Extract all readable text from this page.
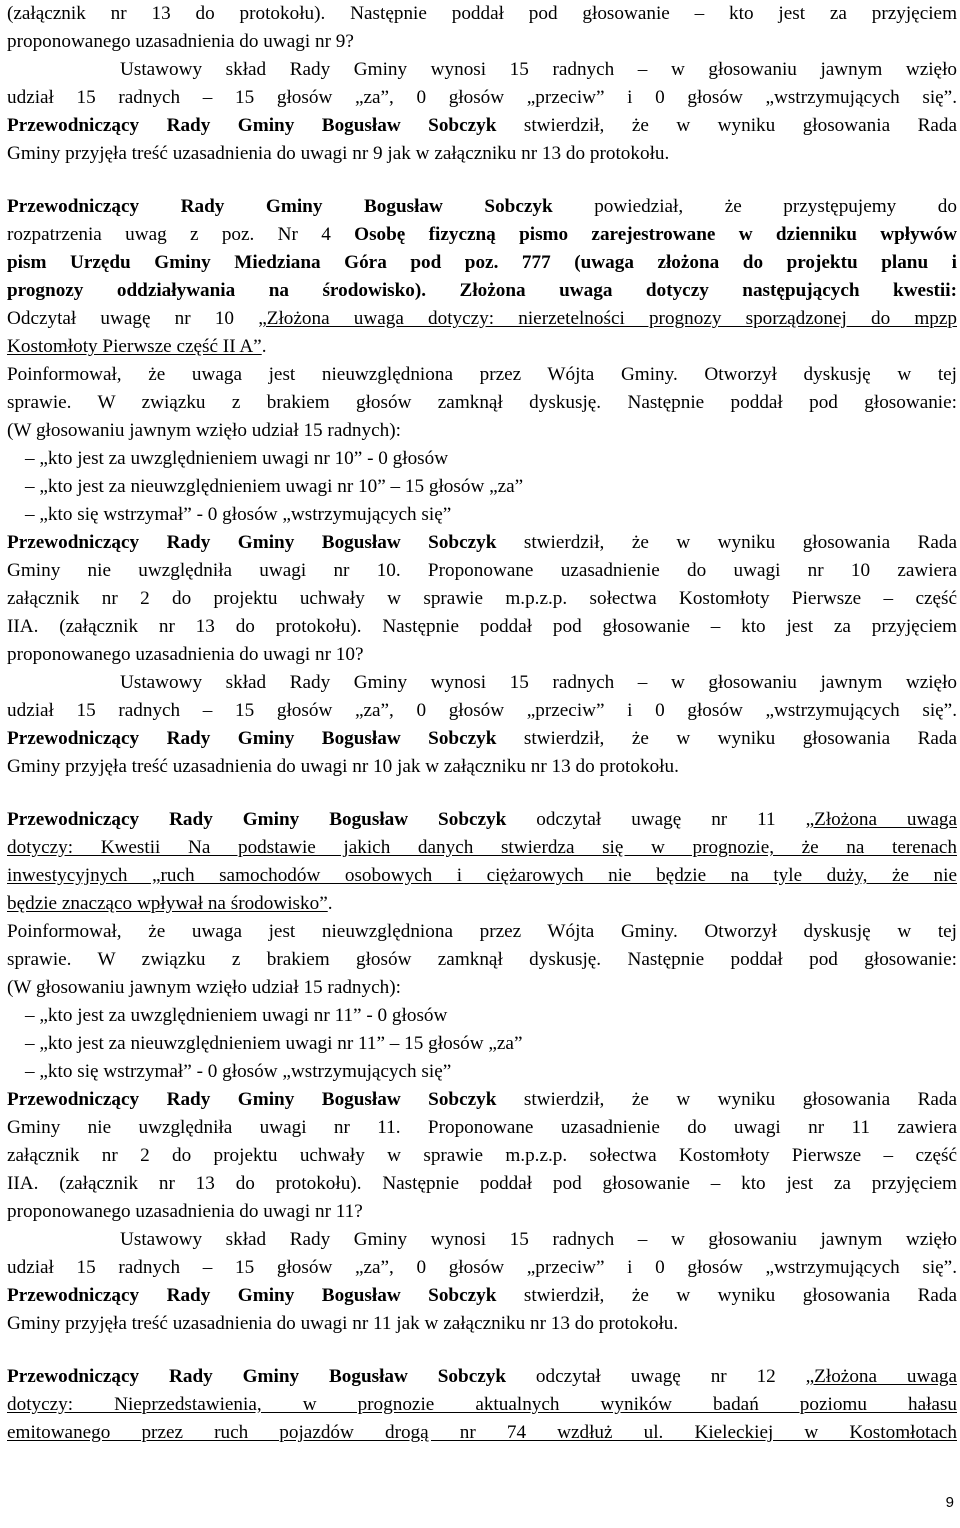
(załącznik nr 13 do protokołu). Następnie poddał pod głosowanie – kto jest za przyjęciem
proponowanego uzasadnienia do uwagi nr 9?
Ustawowy skład Rady Gminy wynosi 15 radnych – w głosowaniu jawnym wzięło
udział 15 radnych – 15 głosów „za”, 0 głosów „przeciw” i 0 głosów „wstrzymujących się”.
Przewodniczący Rady Gminy Bogusław Sobczyk stwierdził, że w wyniku głosowania Rada
Gminy przyjęła treść uzasadnienia do uwagi nr 9 jak w załączniku nr 13 do protokołu.
Przewodniczący Rady Gminy Bogusław Sobczyk powiedział, że przystępujemy do
rozpatrzenia uwag z poz. Nr 4 Osobę fizyczną pismo zarejestrowane w dzienniku wpływów
pism Urzędu Gminy Miedziana Góra pod poz. 777 (uwaga złożona do projektu planu i
prognozy oddziaływania na środowisko). Złożona uwaga dotyczy następujących kwestii:
Odczytał uwagę nr 10 „Złożona uwaga dotyczy: nierzetelności prognozy sporządzonej do mpzp
Kostomłoty Pierwsze część II A”.
Poinformował, że uwaga jest nieuwzględniona przez Wójta Gminy. Otworzył dyskusję w tej
sprawie. W związku z brakiem głosów zamknął dyskusję. Następnie poddał pod głosowanie:
(W głosowaniu jawnym wzięło udział 15 radnych):
– „kto jest za uwzględnieniem uwagi nr 10” - 0 głosów
– „kto jest za nieuwzględnieniem uwagi nr 10” – 15 głosów „za”
– „kto się wstrzymał” - 0 głosów „wstrzymujących się”
Przewodniczący Rady Gminy Bogusław Sobczyk stwierdził, że w wyniku głosowania Rada
Gminy nie uwzględniła uwagi nr 10. Proponowane uzasadnienie do uwagi nr 10 zawiera
załącznik nr 2 do projektu uchwały w sprawie m.p.z.p. sołectwa Kostomłoty Pierwsze – część
IIA. (załącznik nr 13 do protokołu). Następnie poddał pod głosowanie – kto jest za przyjęciem
proponowanego uzasadnienia do uwagi nr 10?
Ustawowy skład Rady Gminy wynosi 15 radnych – w głosowaniu jawnym wzięło
udział 15 radnych – 15 głosów „za”, 0 głosów „przeciw” i 0 głosów „wstrzymujących się”.
Przewodniczący Rady Gminy Bogusław Sobczyk stwierdził, że w wyniku głosowania Rada
Gminy przyjęła treść uzasadnienia do uwagi nr 10 jak w załączniku nr 13 do protokołu.
Przewodniczący Rady Gminy Bogusław Sobczyk odczytał uwagę nr 11 „Złożona uwaga
dotyczy: Kwestii Na podstawie jakich danych stwierdza się w prognozie, że na terenach
inwestycyjnych „ruch samochodów osobowych i ciężarowych nie będzie na tyle duży, że nie
będzie znacząco wpływał na środowisko”.
Poinformował, że uwaga jest nieuwzględniona przez Wójta Gminy. Otworzył dyskusję w tej
sprawie. W związku z brakiem głosów zamknął dyskusję. Następnie poddał pod głosowanie:
(W głosowaniu jawnym wzięło udział 15 radnych):
– „kto jest za uwzględnieniem uwagi nr 11” - 0 głosów
– „kto jest za nieuwzględnieniem uwagi nr 11” – 15 głosów „za”
– „kto się wstrzymał” - 0 głosów „wstrzymujących się”
Przewodniczący Rady Gminy Bogusław Sobczyk stwierdził, że w wyniku głosowania Rada
Gminy nie uwzględniła uwagi nr 11. Proponowane uzasadnienie do uwagi nr 11 zawiera
załącznik nr 2 do projektu uchwały w sprawie m.p.z.p. sołectwa Kostomłoty Pierwsze – część
IIA. (załącznik nr 13 do protokołu). Następnie poddał pod głosowanie – kto jest za przyjęciem
proponowanego uzasadnienia do uwagi nr 11?
Ustawowy skład Rady Gminy wynosi 15 radnych – w głosowaniu jawnym wzięło
udział 15 radnych – 15 głosów „za”, 0 głosów „przeciw” i 0 głosów „wstrzymujących się”.
Przewodniczący Rady Gminy Bogusław Sobczyk stwierdził, że w wyniku głosowania Rada
Gminy przyjęła treść uzasadnienia do uwagi nr 11 jak w załączniku nr 13 do protokołu.
Przewodniczący Rady Gminy Bogusław Sobczyk odczytał uwagę nr 12 „Złożona uwaga
dotyczy: Nieprzedstawienia, w prognozie aktualnych wyników badań poziomu hałasu
emitowanego przez ruch pojazdów drogą nr 74 wzdłuż ul. Kieleckiej w Kostomłotach
9
